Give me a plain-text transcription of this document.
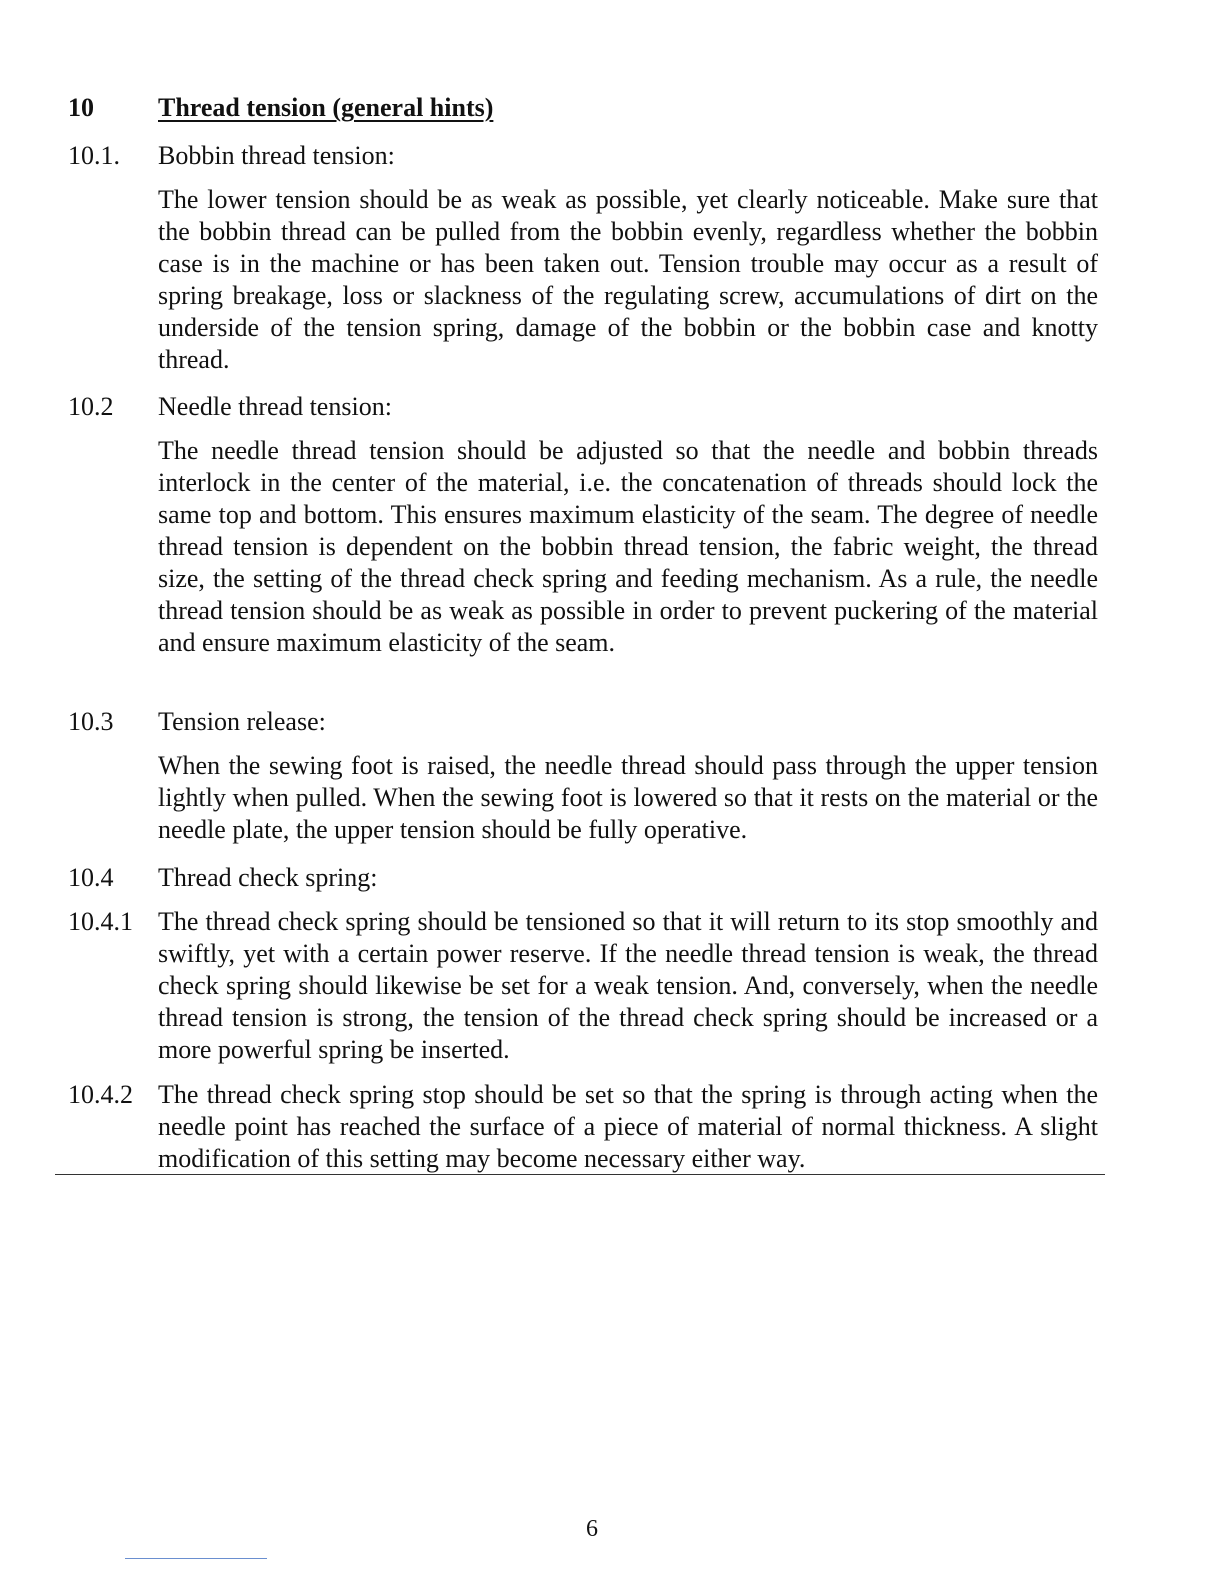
10 Thread tension (general hints)
10.1. Bobbin thread tension:
The lower tension should be as weak as possible, yet clearly noticeable. Make sure that the bobbin thread can be pulled from the bobbin evenly, regardless whether the bobbin case is in the machine or has been taken out. Tension trouble may occur as a result of spring breakage, loss or slackness of the regulating screw, accumulations of dirt on the underside of the tension spring, damage of the bobbin or the bobbin case and knotty thread.
10.2 Needle thread tension:
The needle thread tension should be adjusted so that the needle and bobbin threads interlock in the center of the material, i.e. the concatenation of threads should lock the same top and bottom. This ensures maximum elasticity of the seam. The degree of needle thread tension is dependent on the bobbin thread tension, the fabric weight, the thread size, the setting of the thread check spring and feeding mechanism. As a rule, the needle thread tension should be as weak as possible in order to prevent puckering of the material and ensure maximum elasticity of the seam.
10.3 Tension release:
When the sewing foot is raised, the needle thread should pass through the upper tension lightly when pulled. When the sewing foot is lowered so that it rests on the material or the needle plate, the upper tension should be fully operative.
10.4 Thread check spring:
10.4.1 The thread check spring should be tensioned so that it will return to its stop smoothly and swiftly, yet with a certain power reserve. If the needle thread tension is weak, the thread check spring should likewise be set for a weak tension. And, conversely, when the needle thread tension is strong, the tension of the thread check spring should be increased or a more powerful spring be inserted.
10.4.2 The thread check spring stop should be set so that the spring is through acting when the needle point has reached the surface of a piece of material of normal thickness. A slight modification of this setting may become necessary either way.
6
